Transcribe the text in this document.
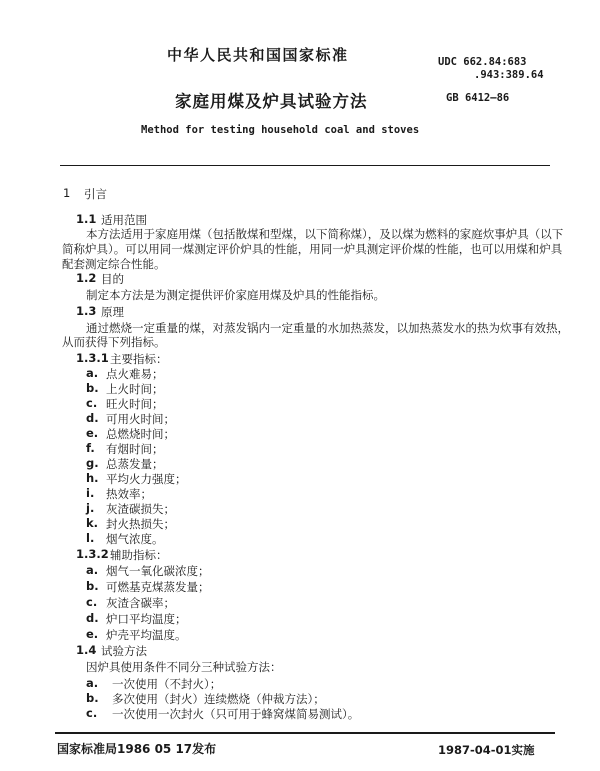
中华人民共和国国家标准	UDC 662.84:683
.943:389.64
家庭用煤及炉具试验方法	GB 6412—86
Method for testing household coal and stoves
1 引言
1.1 适用范围
本方法适用于家庭用煤（包括散煤和型煤，以下简称煤），及以煤为燃料的家庭炊事炉具（以下
简称炉具）。可以用同一煤测定评价炉具的性能，用同一炉具测定评价煤的性能，也可以用煤和炉具
配套测定综合性能。
1.2 目的
制定本方法是为测定提供评价家庭用煤及炉具的性能指标。
1.3 原理
通过燃烧一定重量的煤，对蒸发锅内一定重量的水加热蒸发，以加热蒸发水的热为炊事有效热，
从而获得下列指标。
1.3.1 主要指标：
a. 点火难易；
b. 上火时间；
c. 旺火时间；
d. 可用火时间；
e. 总燃烧时间；
f. 有烟时间；
g. 总蒸发量；
h. 平均火力强度；
i. 热效率；
j. 灰渣碳损失；
k. 封火热损失；
l. 烟气浓度。
1.3.2 辅助指标：
a. 烟气一氧化碳浓度；
b. 可燃基克煤蒸发量；
c. 灰渣含碳率；
d. 炉口平均温度；
e. 炉壳平均温度。
1.4 试验方法
因炉具使用条件不同分三种试验方法：
a. 一次使用（不封火）；
b. 多次使用（封火）连续燃烧（仲裁方法）；
c. 一次使用一次封火（只可用于蜂窝煤简易测试）。
国家标准局1986 05 17发布	1987-04-01实施
